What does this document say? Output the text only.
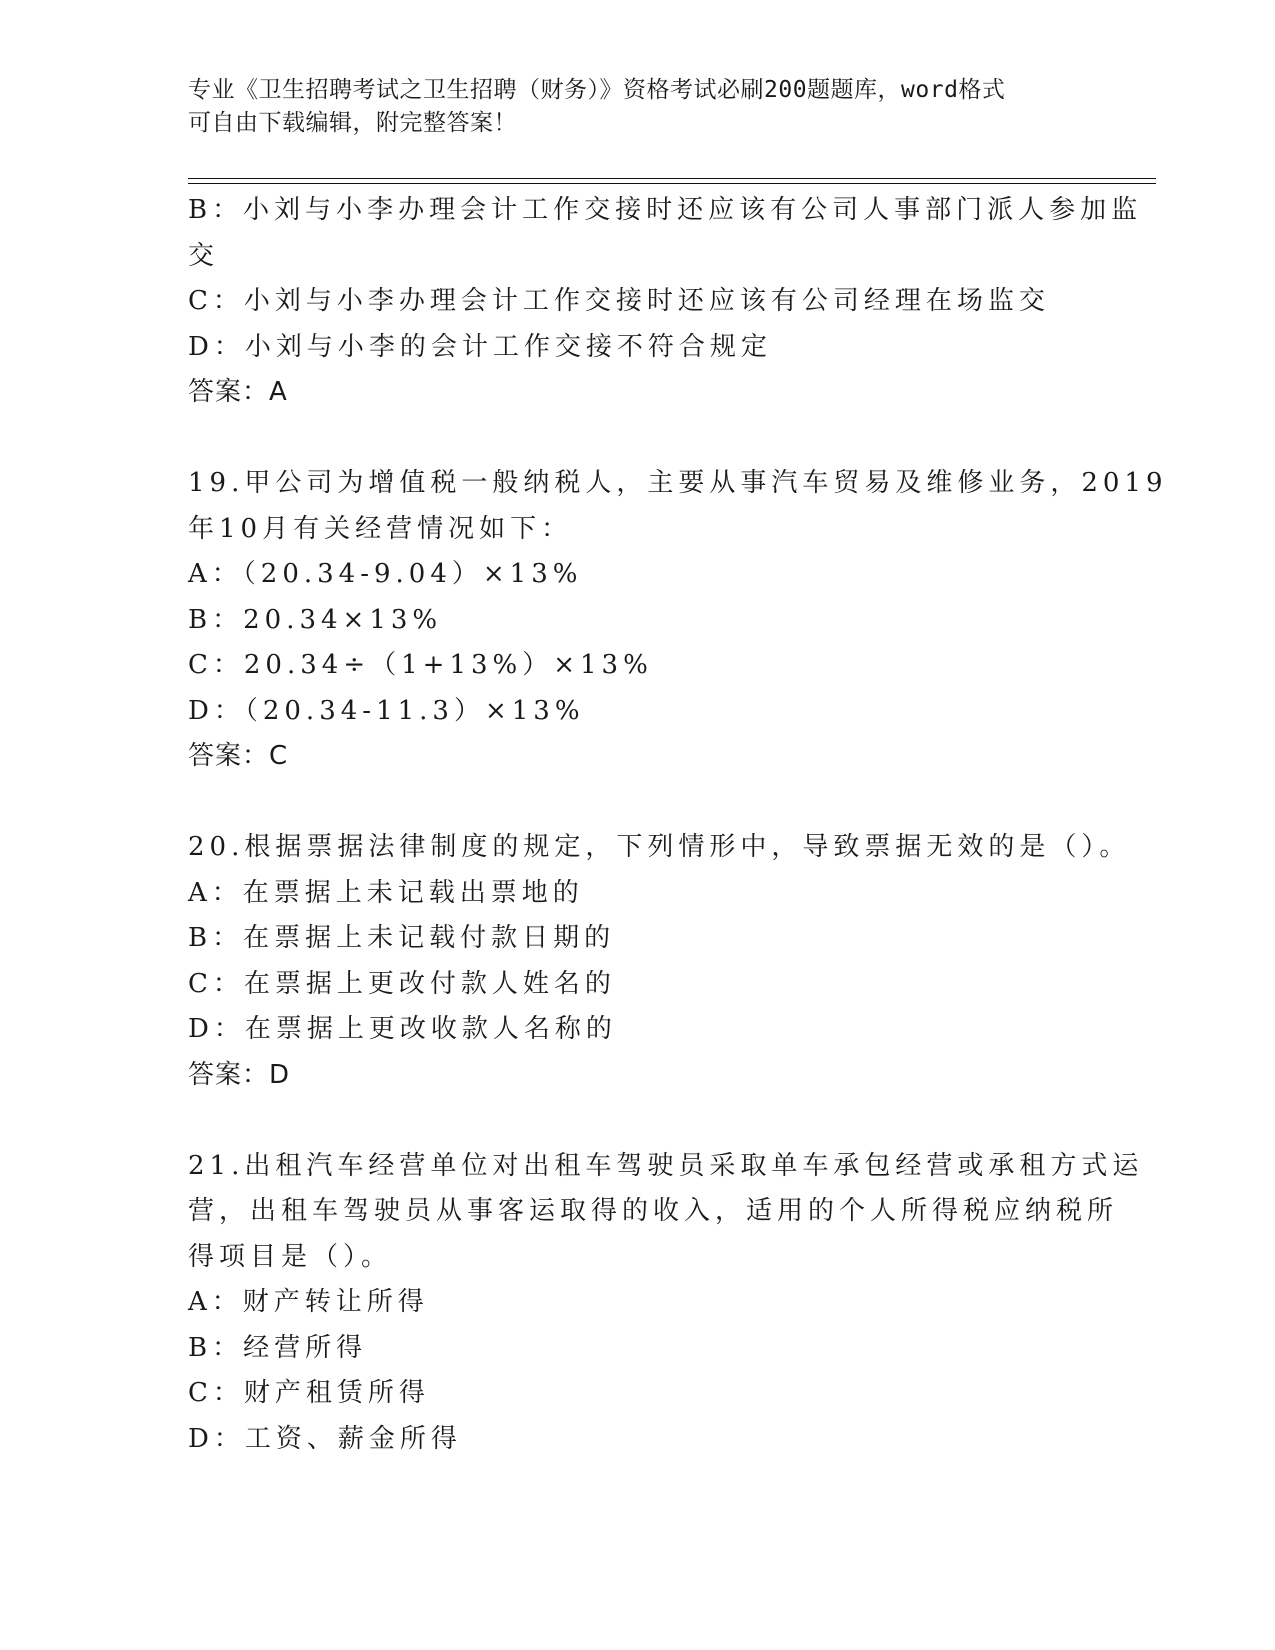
专业《卫生招聘考试之卫生招聘（财务）》资格考试必刷200题题库，word格式
可自由下载编辑，附完整答案！
B：小刘与小李办理会计工作交接时还应该有公司人事部门派人参加监
交
C：小刘与小李办理会计工作交接时还应该有公司经理在场监交
D：小刘与小李的会计工作交接不符合规定
答案：A
19.甲公司为增值税一般纳税人，主要从事汽车贸易及维修业务，2019
年10月有关经营情况如下：
A：（20.34-9.04）×13%
B：20.34×13%
C：20.34÷（1+13%）×13%
D：（20.34-11.3）×13%
答案：C
20.根据票据法律制度的规定，下列情形中，导致票据无效的是（）。
A：在票据上未记载出票地的
B：在票据上未记载付款日期的
C：在票据上更改付款人姓名的
D：在票据上更改收款人名称的
答案：D
21.出租汽车经营单位对出租车驾驶员采取单车承包经营或承租方式运
营，出租车驾驶员从事客运取得的收入，适用的个人所得税应纳税所
得项目是（）。
A：财产转让所得
B：经营所得
C：财产租赁所得
D：工资、薪金所得
